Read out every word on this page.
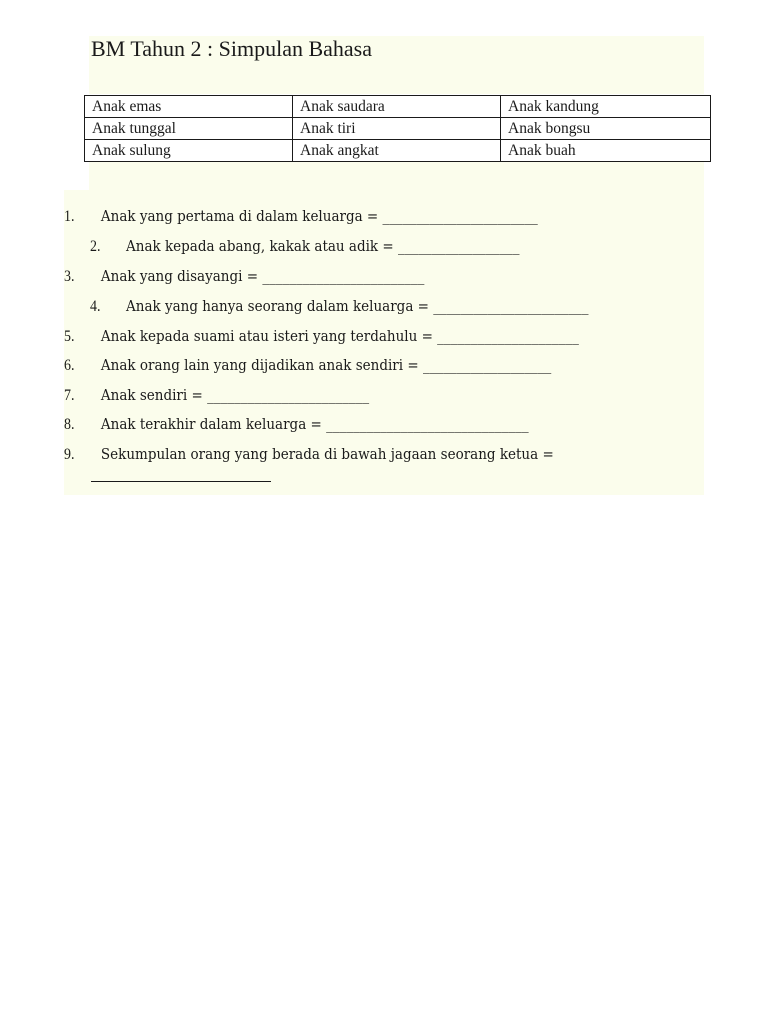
BM Tahun 2 : Simpulan Bahasa
Anak emas	Anak saudara	Anak kandung
Anak tunggal	Anak tiri	Anak bongsu
Anak sulung	Anak angkat	Anak buah
1. Anak yang pertama di dalam keluarga = _______________________
2. Anak kepada abang, kakak atau adik = __________________
3. Anak yang disayangi = ________________________
4. Anak yang hanya seorang dalam keluarga = _______________________
5. Anak kepada suami atau isteri yang terdahulu = _____________________
6. Anak orang lain yang dijadikan anak sendiri = ___________________
7. Anak sendiri = ________________________
8. Anak terakhir dalam keluarga = ______________________________
9. Sekumpulan orang yang berada di bawah jagaan seorang ketua =
